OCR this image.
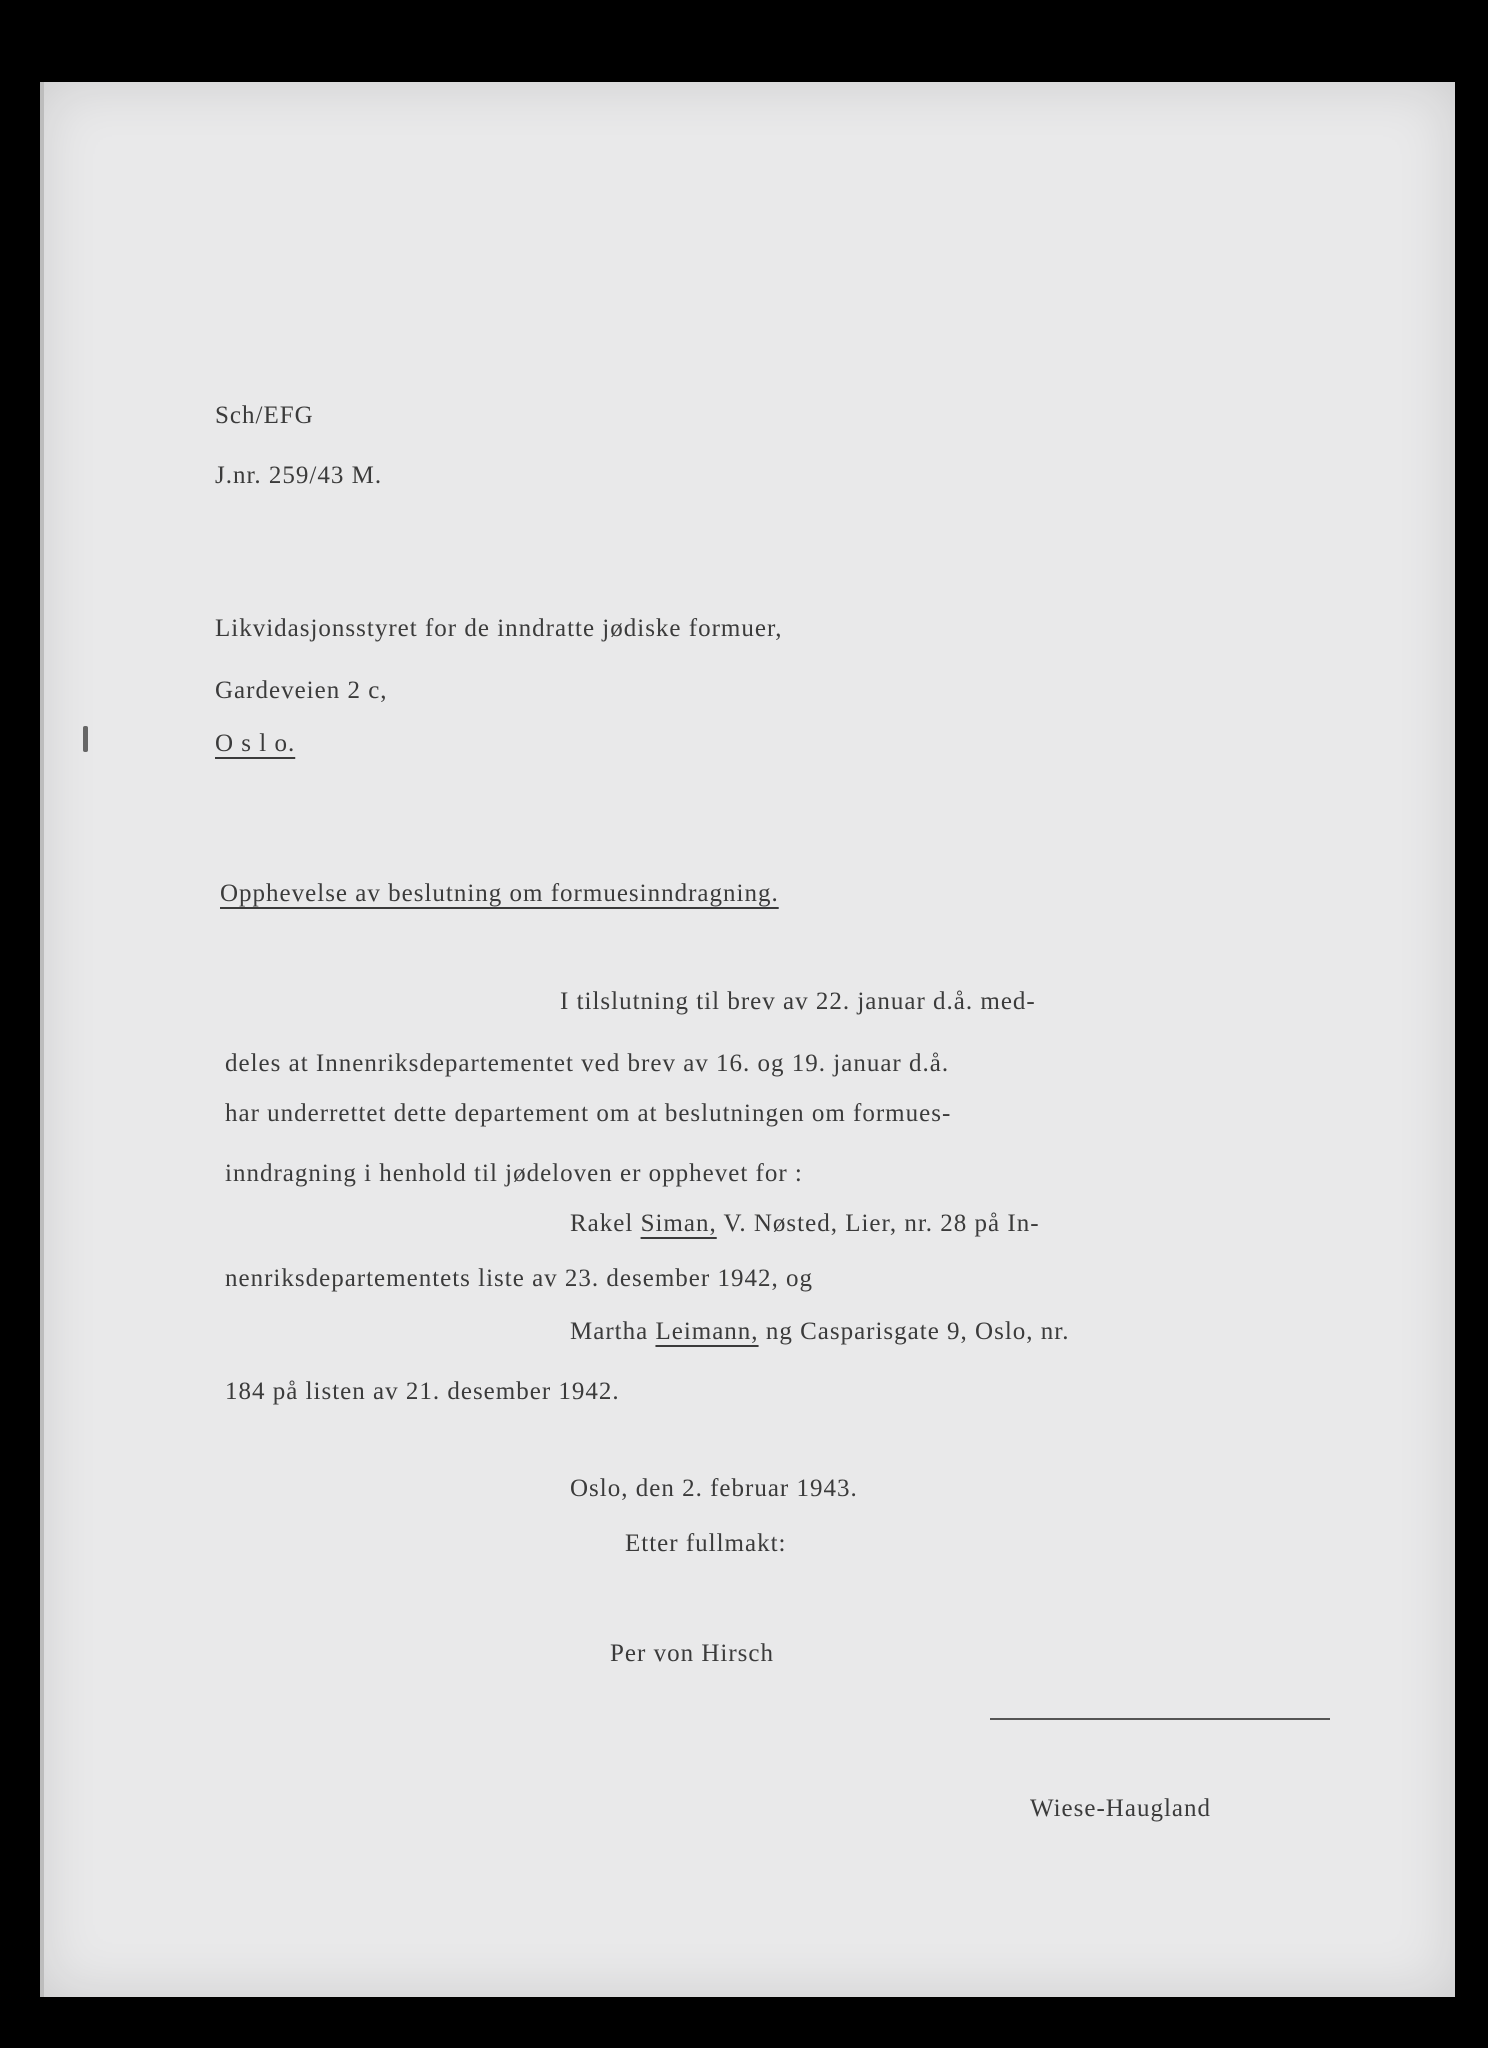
Sch/EFG
J.nr. 259/43 M.
Likvidasjonsstyret for de inndratte jødiske formuer,
Gardeveien 2 c,
O s l o.
Opphevelse av beslutning om formuesinndragning.
I tilslutning til brev av 22. januar d.å. med-
deles at Innenriksdepartementet ved brev av 16. og 19. januar d.å.
har underrettet dette departement om at beslutningen om formues-
inndragning i henhold til jødeloven er opphevet for :
Rakel Siman, V. Nøsted, Lier, nr. 28 på In-
nenriksdepartementets liste av 23. desember 1942, og
Martha Leimann, ng Casparisgate 9, Oslo, nr.
184 på listen av 21. desember 1942.
Oslo, den 2. februar 1943.
Etter fullmakt:
Per von Hirsch
Wiese-Haugland
